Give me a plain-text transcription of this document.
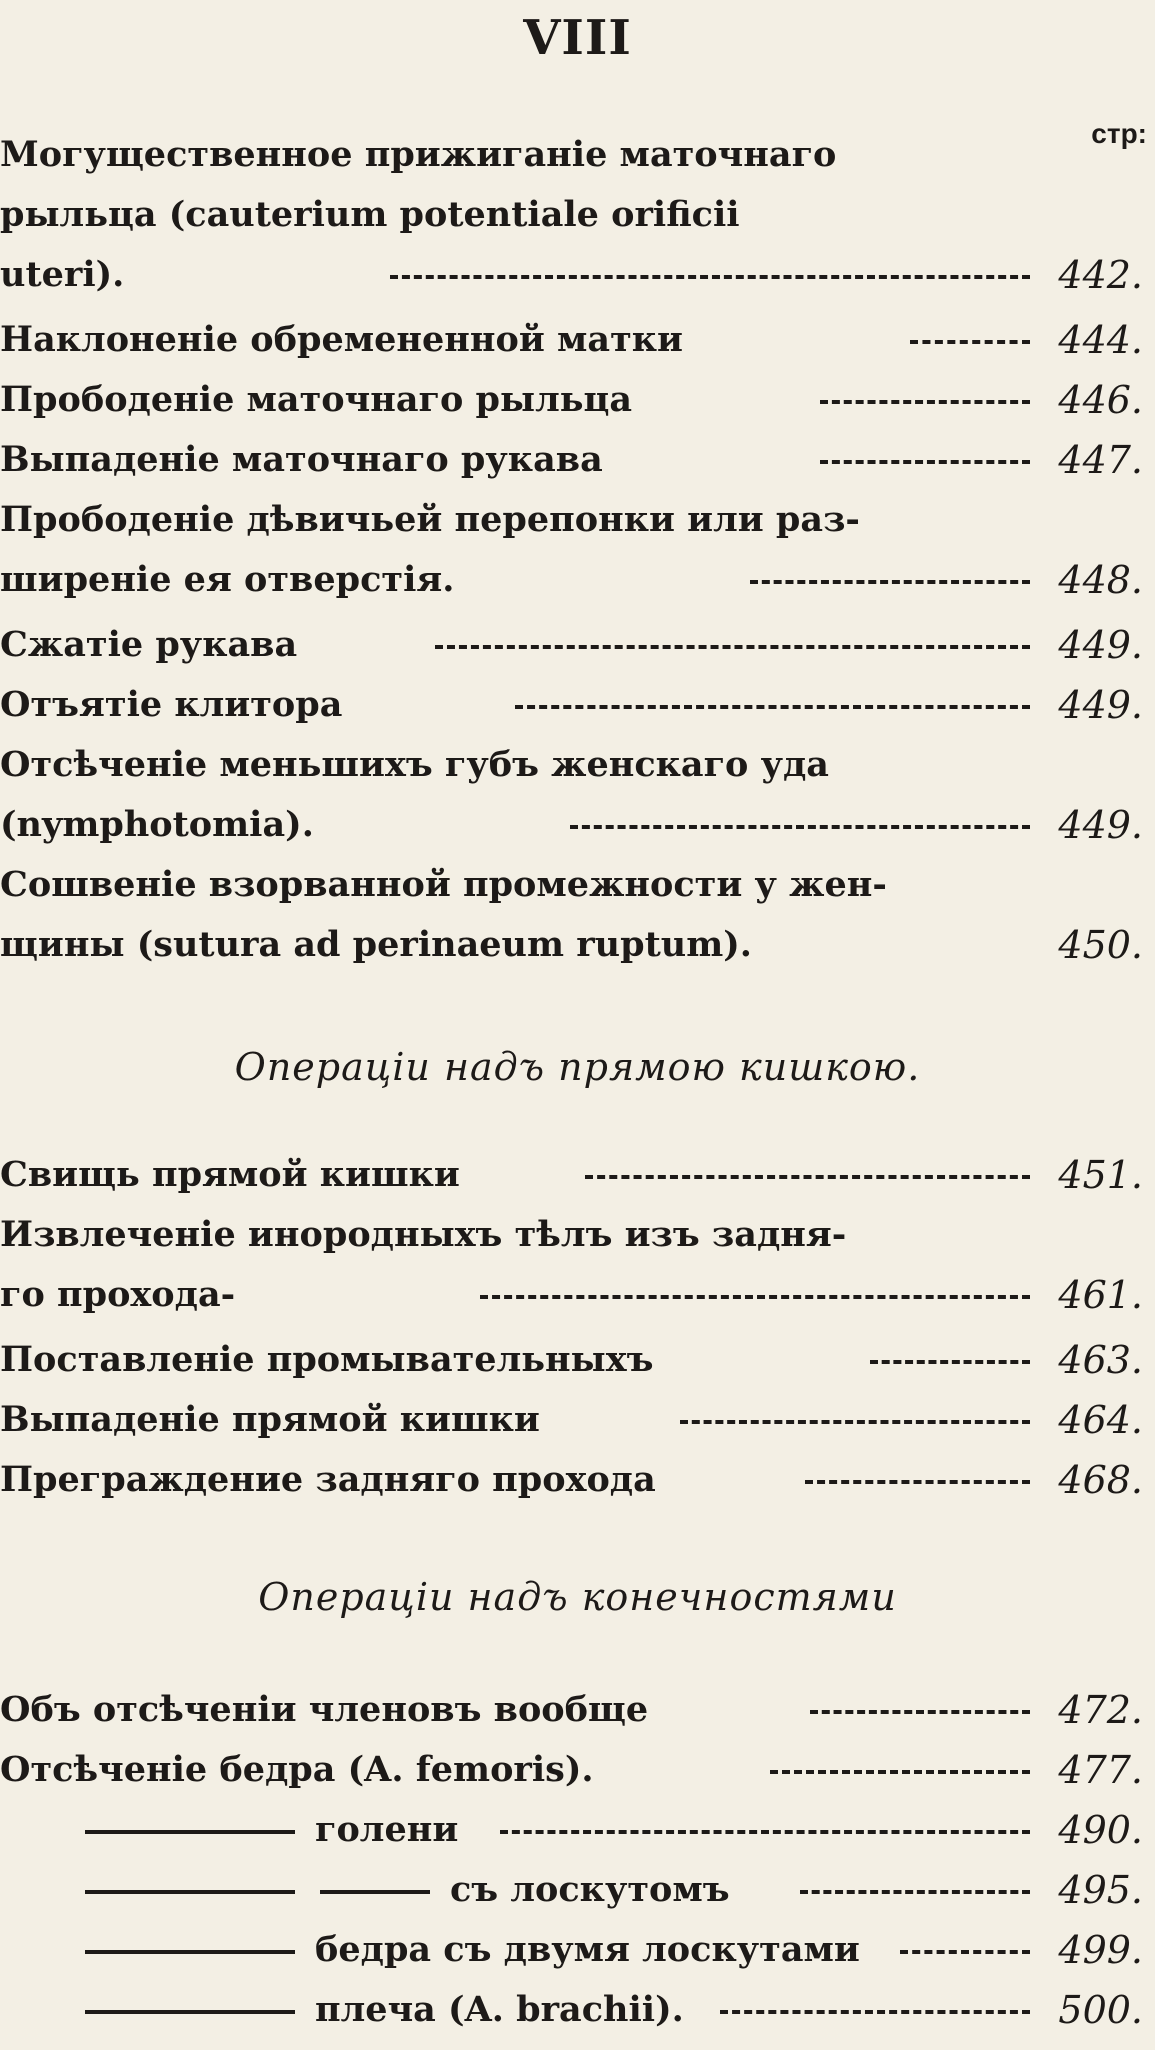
VIII
стр:
Могущественное прижиганіе маточнаго
рыльца (cauterium potentiale orificii
uteri).	442.
Наклоненіе обремененной матки	444.
Прободеніе маточнаго рыльца	446.
Выпаденіе маточнаго рукава	447.
Прободеніе дѣвичьей перепонки или раз-
ширеніе ея отверстія.	448.
Сжатіе рукава	449.
Отъятіе клитора	449.
Отсѣченіе меньшихъ губъ женскаго уда
(nymphotomia).	449.
Сошвеніе взорванной промежности у жен-
щины (sutura ad perinaeum ruptum).	450.
Операціи надъ прямою кишкою.
Свищь прямой кишки	451.
Извлеченіе инородныхъ тѣлъ изъ задня-
го прохода-	461.
Поставленіе промывательныхъ	463.
Выпаденіе прямой кишки	464.
Преграждение задняго прохода	468.
Операціи надъ конечностями
Объ отсѣченіи членовъ вообще	472.
Отсѣченіе бедра (A. femoris).	477.
голени	490.
съ лоскутомъ	495.
бедра съ двумя лоскутами	499.
плеча (A. brachii).	500.
